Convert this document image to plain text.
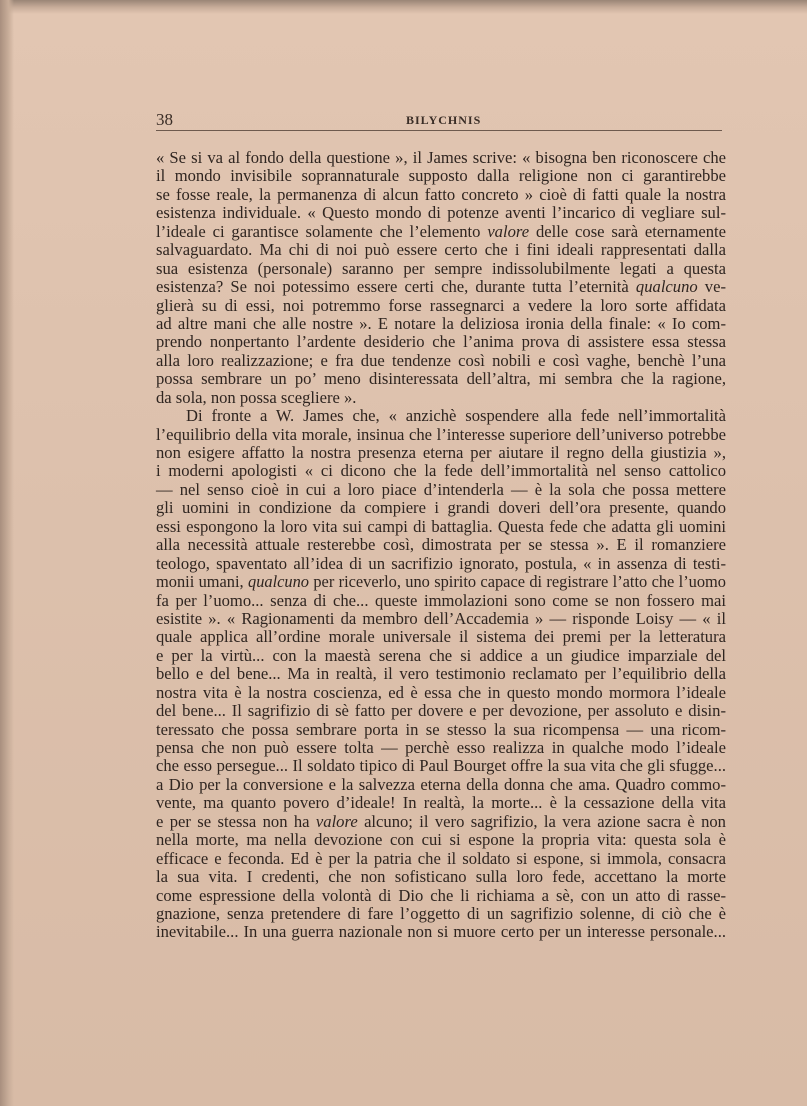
38	BILYCHNIS
« Se si va al fondo della questione », il James scrive: « bisogna ben riconoscere che
il mondo invisibile soprannaturale supposto dalla religione non ci garantirebbe
se fosse reale, la permanenza di alcun fatto concreto » cioè di fatti quale la nostra
esistenza individuale. « Questo mondo di potenze aventi l’incarico di vegliare sul-
l’ideale ci garantisce solamente che l’elemento valore delle cose sarà eternamente
salvaguardato. Ma chi di noi può essere certo che i fini ideali rappresentati dalla
sua esistenza (personale) saranno per sempre indissolubilmente legati a questa
esistenza? Se noi potessimo essere certi che, durante tutta l’eternità qualcuno ve-
glierà su di essi, noi potremmo forse rassegnarci a vedere la loro sorte affidata
ad altre mani che alle nostre ». E notare la deliziosa ironia della finale: « Io com-
prendo nonpertanto l’ardente desiderio che l’anima prova di assistere essa stessa
alla loro realizzazione; e fra due tendenze così nobili e così vaghe, benchè l’una
possa sembrare un po’ meno disinteressata dell’altra, mi sembra che la ragione,
da sola, non possa scegliere ».
Di fronte a W. James che, « anzichè sospendere alla fede nell’immortalità
l’equilibrio della vita morale, insinua che l’interesse superiore dell’universo potrebbe
non esigere affatto la nostra presenza eterna per aiutare il regno della giustizia »,
i moderni apologisti « ci dicono che la fede dell’immortalità nel senso cattolico
— nel senso cioè in cui a loro piace d’intenderla — è la sola che possa mettere
gli uomini in condizione da compiere i grandi doveri dell’ora presente, quando
essi espongono la loro vita sui campi di battaglia. Questa fede che adatta gli uomini
alla necessità attuale resterebbe così, dimostrata per se stessa ». E il romanziere
teologo, spaventato all’idea di un sacrifizio ignorato, postula, « in assenza di testi-
monii umani, qualcuno per riceverlo, uno spirito capace di registrare l’atto che l’uomo
fa per l’uomo... senza di che... queste immolazioni sono come se non fossero mai
esistite ». « Ragionamenti da membro dell’Accademia » — risponde Loisy — « il
quale applica all’ordine morale universale il sistema dei premi per la letteratura
e per la virtù... con la maestà serena che si addice a un giudice imparziale del
bello e del bene... Ma in realtà, il vero testimonio reclamato per l’equilibrio della
nostra vita è la nostra coscienza, ed è essa che in questo mondo mormora l’ideale
del bene... Il sagrifizio di sè fatto per dovere e per devozione, per assoluto e disin-
teressato che possa sembrare porta in se stesso la sua ricompensa — una ricom-
pensa che non può essere tolta — perchè esso realizza in qualche modo l’ideale
che esso persegue... Il soldato tipico di Paul Bourget offre la sua vita che gli sfugge...
a Dio per la conversione e la salvezza eterna della donna che ama. Quadro commo-
vente, ma quanto povero d’ideale! In realtà, la morte... è la cessazione della vita
e per se stessa non ha valore alcuno; il vero sagrifizio, la vera azione sacra è non
nella morte, ma nella devozione con cui si espone la propria vita: questa sola è
efficace e feconda. Ed è per la patria che il soldato si espone, si immola, consacra
la sua vita. I credenti, che non sofisticano sulla loro fede, accettano la morte
come espressione della volontà di Dio che li richiama a sè, con un atto di rasse-
gnazione, senza pretendere di fare l’oggetto di un sagrifizio solenne, di ciò che è
inevitabile... In una guerra nazionale non si muore certo per un interesse personale...
